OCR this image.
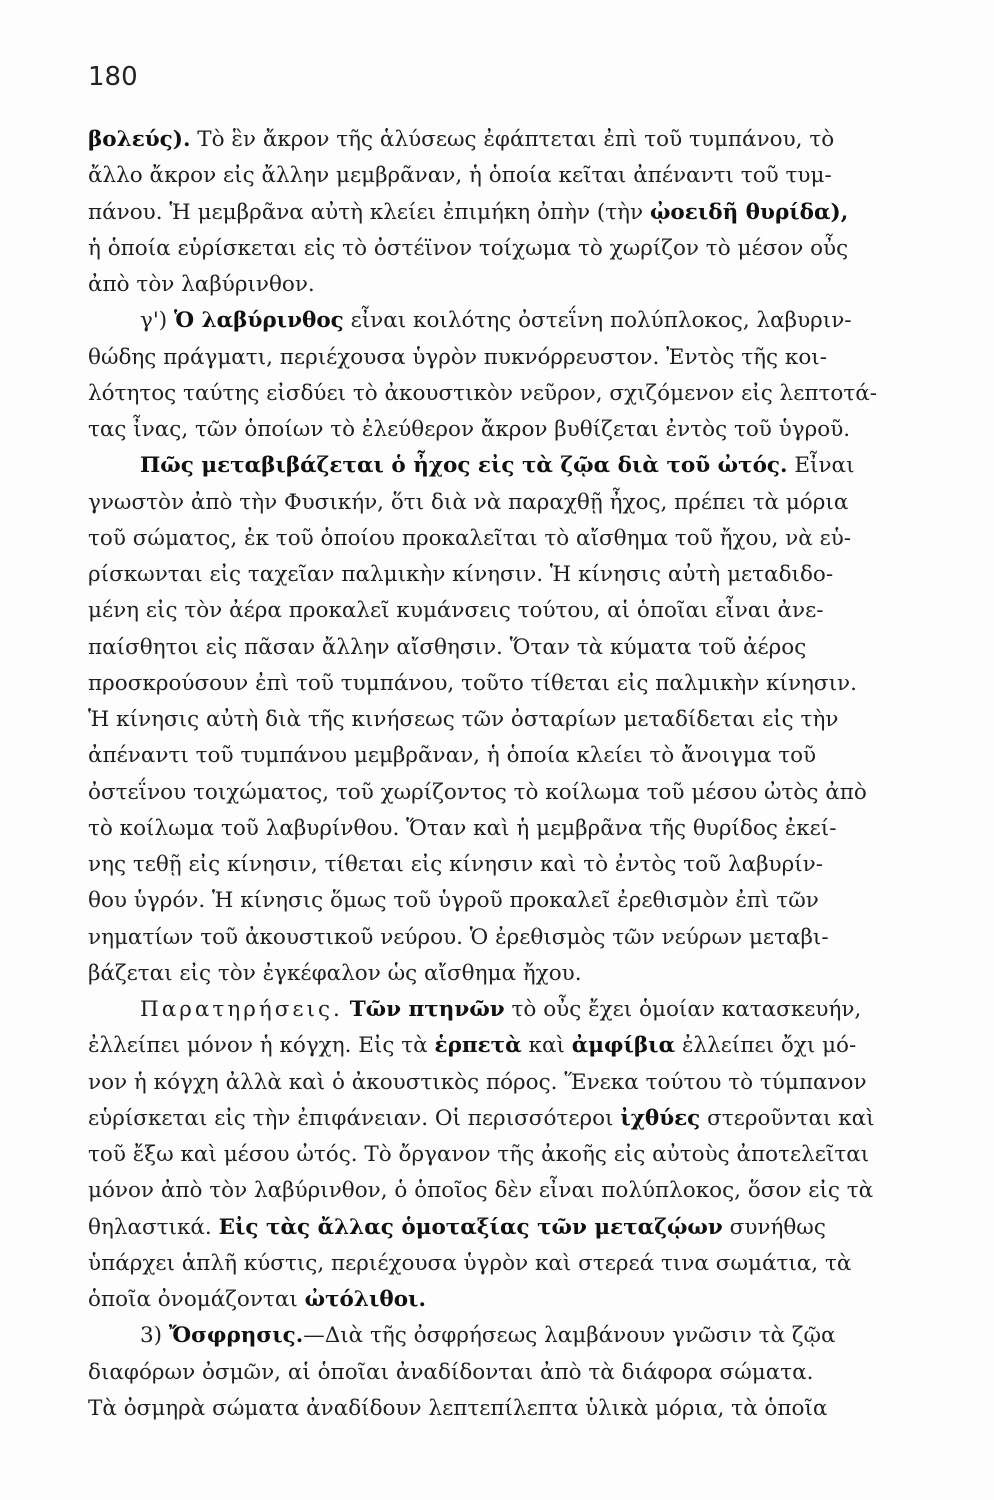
180
βολεύς). Τὸ ἓν ἄκρον τῆς ἁλύσεως ἐφάπτεται ἐπὶ τοῦ τυμπάνου, τὸ
ἄλλο ἄκρον εἰς ἄλλην μεμβρᾶναν, ἡ ὁποία κεῖται ἀπέναντι τοῦ τυμ-
πάνου. Ἡ μεμβρᾶνα αὐτὴ κλείει ἐπιμήκη ὀπὴν (τὴν ᾠοειδῆ θυρίδα),
ἡ ὁποία εὑρίσκεται εἰς τὸ ὀστέϊνον τοίχωμα τὸ χωρίζον τὸ μέσον οὖς
ἀπὸ τὸν λαβύρινθον.
γ') Ὁ λαβύρινθος εἶναι κοιλότης ὀστεΐνη πολύπλοκος, λαβυριν-
θώδης πράγματι, περιέχουσα ὑγρὸν πυκνόρρευστον. Ἐντὸς τῆς κοι-
λότητος ταύτης εἰσδύει τὸ ἀκουστικὸν νεῦρον, σχιζόμενον εἰς λεπτοτά-
τας ἶνας, τῶν ὁποίων τὸ ἐλεύθερον ἄκρον βυθίζεται ἐντὸς τοῦ ὑγροῦ.
Πῶς μεταβιβάζεται ὁ ἦχος εἰς τὰ ζῷα διὰ τοῦ ὠτός. Εἶναι
γνωστὸν ἀπὸ τὴν Φυσικήν, ὅτι διὰ νὰ παραχθῇ ἦχος, πρέπει τὰ μόρια
τοῦ σώματος, ἐκ τοῦ ὁποίου προκαλεῖται τὸ αἴσθημα τοῦ ἤχου, νὰ εὑ-
ρίσκωνται εἰς ταχεῖαν παλμικὴν κίνησιν. Ἡ κίνησις αὐτὴ μεταδιδο-
μένη εἰς τὸν ἀέρα προκαλεῖ κυμάνσεις τούτου, αἱ ὁποῖαι εἶναι ἀνε-
παίσθητοι εἰς πᾶσαν ἄλλην αἴσθησιν. Ὅταν τὰ κύματα τοῦ ἀέρος
προσκρούσουν ἐπὶ τοῦ τυμπάνου, τοῦτο τίθεται εἰς παλμικὴν κίνησιν.
Ἡ κίνησις αὐτὴ διὰ τῆς κινήσεως τῶν ὀσταρίων μεταδίδεται εἰς τὴν
ἀπέναντι τοῦ τυμπάνου μεμβρᾶναν, ἡ ὁποία κλείει τὸ ἄνοιγμα τοῦ
ὀστεΐνου τοιχώματος, τοῦ χωρίζοντος τὸ κοίλωμα τοῦ μέσου ὠτὸς ἀπὸ
τὸ κοίλωμα τοῦ λαβυρίνθου. Ὅταν καὶ ἡ μεμβρᾶνα τῆς θυρίδος ἐκεί-
νης τεθῇ εἰς κίνησιν, τίθεται εἰς κίνησιν καὶ τὸ ἐντὸς τοῦ λαβυρίν-
θου ὑγρόν. Ἡ κίνησις ὅμως τοῦ ὑγροῦ προκαλεῖ ἐρεθισμὸν ἐπὶ τῶν
νηματίων τοῦ ἀκουστικοῦ νεύρου. Ὁ ἐρεθισμὸς τῶν νεύρων μεταβι-
βάζεται εἰς τὸν ἐγκέφαλον ὡς αἴσθημα ἤχου.
Παρατηρήσεις. Τῶν πτηνῶν τὸ οὖς ἔχει ὁμοίαν κατασκευήν,
ἐλλείπει μόνον ἡ κόγχη. Εἰς τὰ ἑρπετὰ καὶ ἀμφίβια ἐλλείπει ὄχι μό-
νον ἡ κόγχη ἀλλὰ καὶ ὁ ἀκουστικὸς πόρος. Ἕνεκα τούτου τὸ τύμπανον
εὑρίσκεται εἰς τὴν ἐπιφάνειαν. Οἱ περισσότεροι ἰχθύες στεροῦνται καὶ
τοῦ ἔξω καὶ μέσου ὠτός. Τὸ ὄργανον τῆς ἀκοῆς εἰς αὐτοὺς ἀποτελεῖται
μόνον ἀπὸ τὸν λαβύρινθον, ὁ ὁποῖος δὲν εἶναι πολύπλοκος, ὅσον εἰς τὰ
θηλαστικά. Εἰς τὰς ἄλλας ὁμοταξίας τῶν μεταζῴων συνήθως
ὑπάρχει ἁπλῆ κύστις, περιέχουσα ὑγρὸν καὶ στερεά τινα σωμάτια, τὰ
ὁποῖα ὀνομάζονται ὠτόλιθοι.
3) Ὄσφρησις.—Διὰ τῆς ὀσφρήσεως λαμβάνουν γνῶσιν τὰ ζῷα
διαφόρων ὀσμῶν, αἱ ὁποῖαι ἀναδίδονται ἀπὸ τὰ διάφορα σώματα.
Τὰ ὀσμηρὰ σώματα ἀναδίδουν λεπτεπίλεπτα ὑλικὰ μόρια, τὰ ὁποῖα
